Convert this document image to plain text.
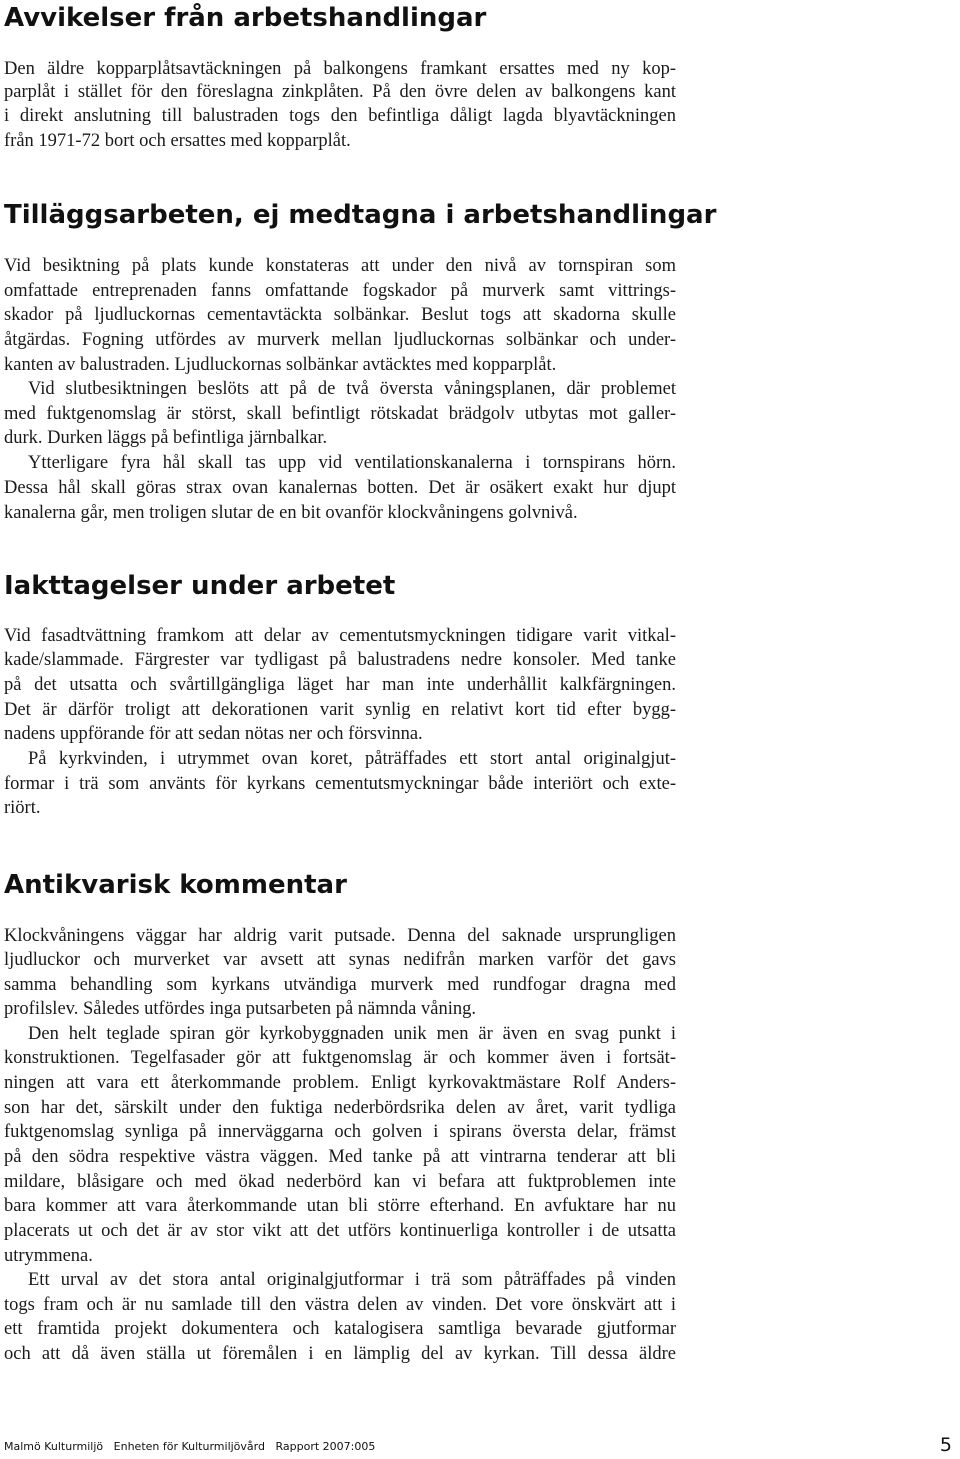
Avvikelser från arbetshandlingar

Den äldre kopparplåtsavtäckningen på balkongens framkant ersattes med ny kop-

parplåt i stället för den föreslagna zinkplåten. På den övre delen av balkongens kant

i direkt anslutning till balustraden togs den befintliga dåligt lagda blyavtäckningen

från 1971-72 bort och ersattes med kopparplåt.

Tilläggsarbeten, ej medtagna i arbetshandlingar

Vid besiktning på plats kunde konstateras att under den nivå av tornspiran som

omfattade entreprenaden fanns omfattande fogskador på murverk samt vittrings-

skador på ljudluckornas cementavtäckta solbänkar. Beslut togs att skadorna skulle

åtgärdas. Fogning utfördes av murverk mellan ljudluckornas solbänkar och under-

kanten av balustraden. Ljudluckornas solbänkar avtäcktes med kopparplåt.

Vid slutbesiktningen beslöts att på de två översta våningsplanen, där problemet

med fuktgenomslag är störst, skall befintligt rötskadat brädgolv utbytas mot galler-

durk. Durken läggs på befintliga järnbalkar.

Ytterligare fyra hål skall tas upp vid ventilationskanalerna i tornspirans hörn.

Dessa hål skall göras strax ovan kanalernas botten. Det är osäkert exakt hur djupt

kanalerna går, men troligen slutar de en bit ovanför klockvåningens golvnivå.

Iakttagelser under arbetet

Vid fasadtvättning framkom att delar av cementutsmyckningen tidigare varit vitkal-

kade/slammade. Färgrester var tydligast på balustradens nedre konsoler. Med tanke

på det utsatta och svårtillgängliga läget har man inte underhållit kalkfärgningen.

Det är därför troligt att dekorationen varit synlig en relativt kort tid efter bygg-

nadens uppförande för att sedan nötas ner och försvinna.

På kyrkvinden, i utrymmet ovan koret, påträffades ett stort antal originalgjut-

formar i trä som använts för kyrkans cementutsmyckningar både interiört och exte-

riört.

Antikvarisk kommentar

Klockvåningens väggar har aldrig varit putsade. Denna del saknade ursprungligen

ljudluckor och murverket var avsett att synas nedifrån marken varför det gavs

samma behandling som kyrkans utvändiga murverk med rundfogar dragna med

profilslev. Således utfördes inga putsarbeten på nämnda våning.

Den helt teglade spiran gör kyrkobyggnaden unik men är även en svag punkt i

konstruktionen. Tegelfasader gör att fuktgenomslag är och kommer även i fortsät-

ningen att vara ett återkommande problem. Enligt kyrkovaktmästare Rolf Anders-

son har det, särskilt under den fuktiga nederbördsrika delen av året, varit tydliga

fuktgenomslag synliga på innerväggarna och golven i spirans översta delar, främst

på den södra respektive västra väggen. Med tanke på att vintrarna tenderar att bli

mildare, blåsigare och med ökad nederbörd kan vi befara att fuktproblemen inte

bara kommer att vara återkommande utan bli större efterhand. En avfuktare har nu

placerats ut och det är av stor vikt att det utförs kontinuerliga kontroller i de utsatta

utrymmena.

Ett urval av det stora antal originalgjutformar i trä som påträffades på vinden

togs fram och är nu samlade till den västra delen av vinden. Det vore önskvärt att i

ett framtida projekt dokumentera och katalogisera samtliga bevarade gjutformar

och att då även ställa ut föremålen i en lämplig del av kyrkan. Till dessa äldre

Malmö Kulturmiljö Enheten för Kulturmiljövård Rapport 2007:005	5
